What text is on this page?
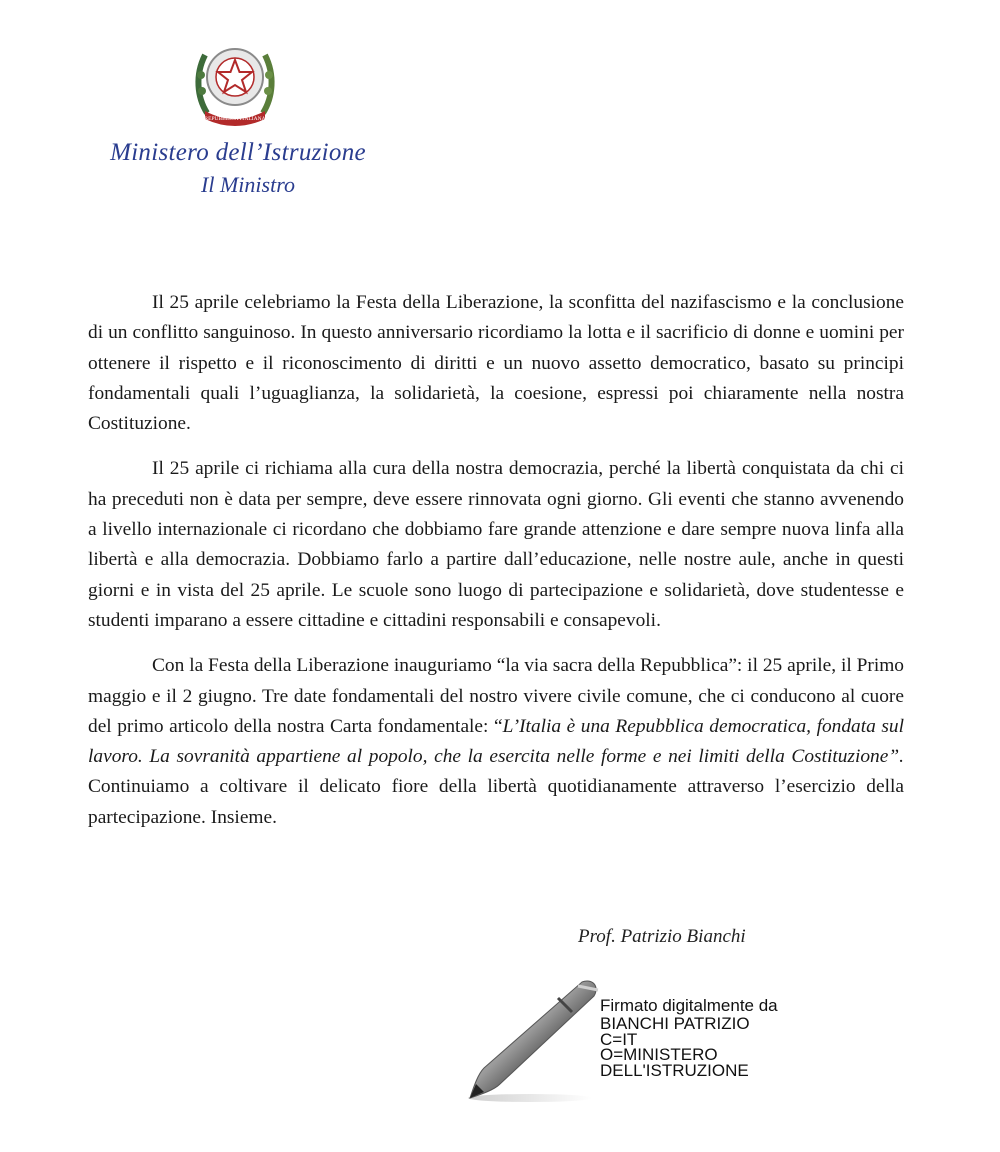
REPUBBLICA ITALIANA
Ministero dell’Istruzione
Il Ministro

Il 25 aprile celebriamo la Festa della Liberazione, la sconfitta del nazifascismo e la conclusione di un conflitto sanguinoso. In questo anniversario ricordiamo la lotta e il sacrificio di donne e uomini per ottenere il rispetto e il riconoscimento di diritti e un nuovo assetto democratico, basato su principi fondamentali quali l’uguaglianza, la solidarietà, la coesione, espressi poi chiaramente nella nostra Costituzione.

Il 25 aprile ci richiama alla cura della nostra democrazia, perché la libertà conquistata da chi ci ha preceduti non è data per sempre, deve essere rinnovata ogni giorno. Gli eventi che stanno avvenendo a livello internazionale ci ricordano che dobbiamo fare grande attenzione e dare sempre nuova linfa alla libertà e alla democrazia. Dobbiamo farlo a partire dall’educazione, nelle nostre aule, anche in questi giorni e in vista del 25 aprile. Le scuole sono luogo di partecipazione e solidarietà, dove studentesse e studenti imparano a essere cittadine e cittadini responsabili e consapevoli.

Con la Festa della Liberazione inauguriamo “la via sacra della Repubblica”: il 25 aprile, il Primo maggio e il 2 giugno. Tre date fondamentali del nostro vivere civile comune, che ci conducono al cuore del primo articolo della nostra Carta fondamentale: “L’Italia è una Repubblica democratica, fondata sul lavoro. La sovranità appartiene al popolo, che la esercita nelle forme e nei limiti della Costituzione”. Continuiamo a coltivare il delicato fiore della libertà quotidianamente attraverso l’esercizio della partecipazione. Insieme.

Prof. Patrizio Bianchi
Firmato digitalmente da
BIANCHI PATRIZIO
C=IT
O=MINISTERO
DELL'ISTRUZIONE
